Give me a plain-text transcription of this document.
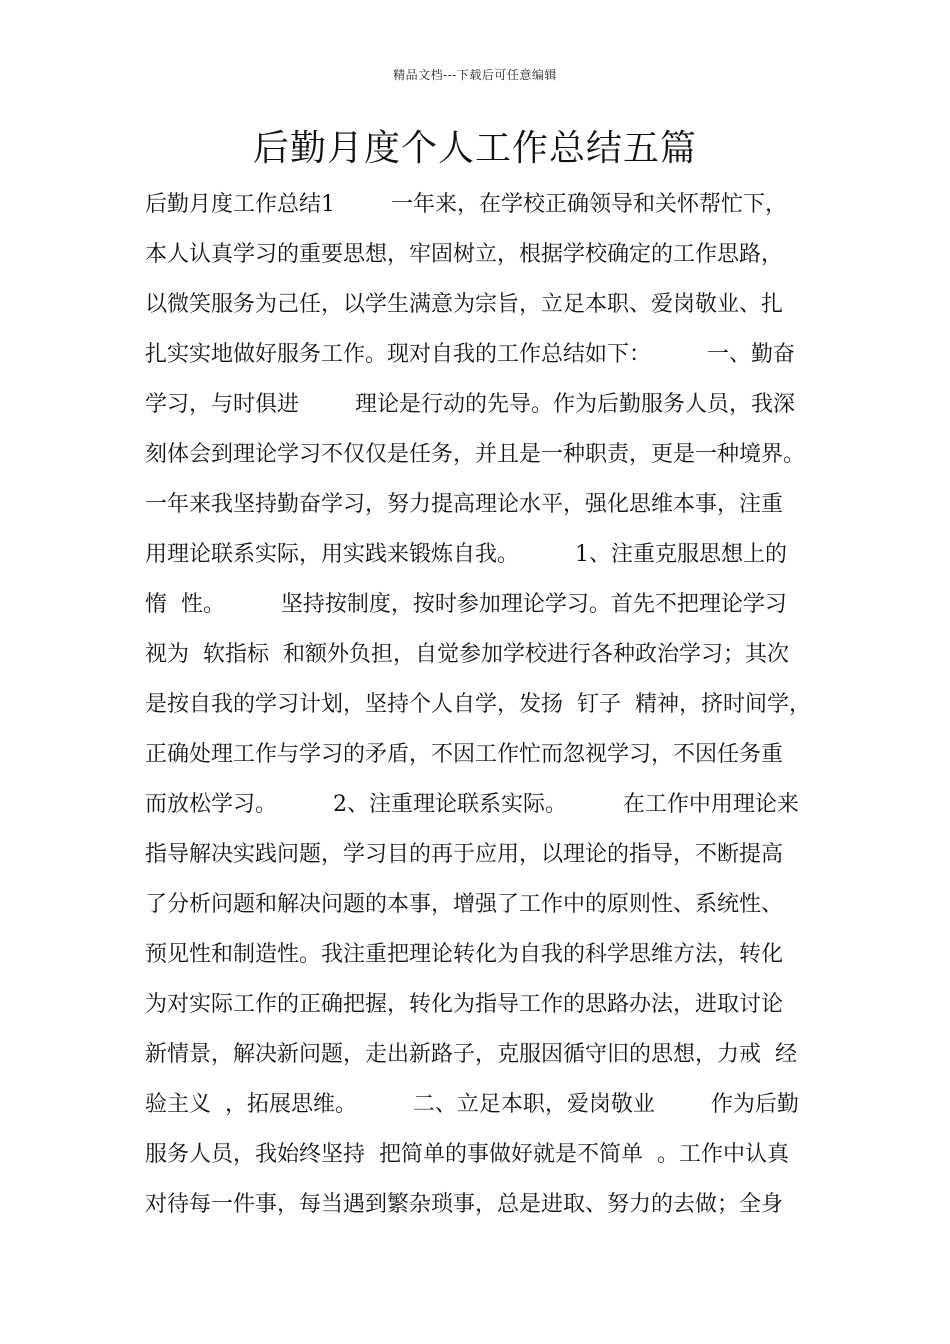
精品文档---下载后可任意编辑
后勤月度个人工作总结五篇
后勤月度工作总结1        一年来，在学校正确领导和关怀帮忙下，
本人认真学习的重要思想，牢固树立，根据学校确定的工作思路，
以微笑服务为己任，以学生满意为宗旨，立足本职、爱岗敬业、扎
扎实实地做好服务工作。现对自我的工作总结如下：        一、勤奋
学习，与时俱进        理论是行动的先导。作为后勤服务人员，我深
刻体会到理论学习不仅仅是任务，并且是一种职责，更是一种境界。
一年来我坚持勤奋学习，努力提高理论水平，强化思维本事，注重
用理论联系实际，用实践来锻炼自我。        1、注重克服思想上的
惰  性。        坚持按制度，按时参加理论学习。首先不把理论学习
视为  软指标  和额外负担，自觉参加学校进行各种政治学习；其次
是按自我的学习计划，坚持个人自学，发扬  钉子  精神，挤时间学，
正确处理工作与学习的矛盾，不因工作忙而忽视学习，不因任务重
而放松学习。        2、注重理论联系实际。        在工作中用理论来
指导解决实践问题，学习目的再于应用，以理论的指导，不断提高
了分析问题和解决问题的本事，增强了工作中的原则性、系统性、
预见性和制造性。我注重把理论转化为自我的科学思维方法，转化
为对实际工作的正确把握，转化为指导工作的思路办法，进取讨论
新情景，解决新问题，走出新路子，克服因循守旧的思想，力戒  经
验主义  ，拓展思维。        二、立足本职，爱岗敬业        作为后勤
服务人员，我始终坚持  把简单的事做好就是不简单  。工作中认真
对待每一件事，每当遇到繁杂琐事，总是进取、努力的去做；全身
